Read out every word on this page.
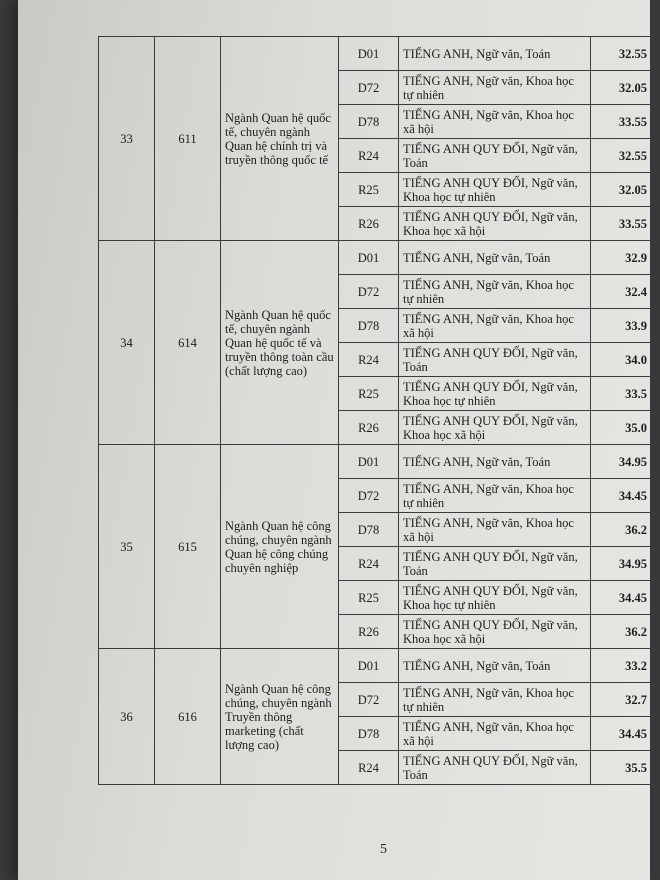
33	611	Ngành Quan hệ quốc tế, chuyên ngành Quan hệ chính trị và truyền thông quốc tế	D01	TIẾNG ANH, Ngữ văn, Toán	32.55
			D72	TIẾNG ANH, Ngữ văn, Khoa học tự nhiên	32.05
			D78	TIẾNG ANH, Ngữ văn, Khoa học xã hội	33.55
			R24	TIẾNG ANH QUY ĐỔI, Ngữ văn, Toán	32.55
			R25	TIẾNG ANH QUY ĐỔI, Ngữ văn, Khoa học tự nhiên	32.05
			R26	TIẾNG ANH QUY ĐỔI, Ngữ văn, Khoa học xã hội	33.55
34	614	Ngành Quan hệ quốc tế, chuyên ngành Quan hệ quốc tế và truyền thông toàn cầu (chất lượng cao)	D01	TIẾNG ANH, Ngữ văn, Toán	32.9
			D72	TIẾNG ANH, Ngữ văn, Khoa học tự nhiên	32.4
			D78	TIẾNG ANH, Ngữ văn, Khoa học xã hội	33.9
			R24	TIẾNG ANH QUY ĐỔI, Ngữ văn, Toán	34.0
			R25	TIẾNG ANH QUY ĐỔI, Ngữ văn, Khoa học tự nhiên	33.5
			R26	TIẾNG ANH QUY ĐỔI, Ngữ văn, Khoa học xã hội	35.0
35	615	Ngành Quan hệ công chúng, chuyên ngành Quan hệ công chúng chuyên nghiệp	D01	TIẾNG ANH, Ngữ văn, Toán	34.95
			D72	TIẾNG ANH, Ngữ văn, Khoa học tự nhiên	34.45
			D78	TIẾNG ANH, Ngữ văn, Khoa học xã hội	36.2
			R24	TIẾNG ANH QUY ĐỔI, Ngữ văn, Toán	34.95
			R25	TIẾNG ANH QUY ĐỔI, Ngữ văn, Khoa học tự nhiên	34.45
			R26	TIẾNG ANH QUY ĐỔI, Ngữ văn, Khoa học xã hội	36.2
36	616	Ngành Quan hệ công chúng, chuyên ngành Truyền thông marketing (chất lượng cao)	D01	TIẾNG ANH, Ngữ văn, Toán	33.2
			D72	TIẾNG ANH, Ngữ văn, Khoa học tự nhiên	32.7
			D78	TIẾNG ANH, Ngữ văn, Khoa học xã hội	34.45
			R24	TIẾNG ANH QUY ĐỔI, Ngữ văn, Toán	35.5
5
